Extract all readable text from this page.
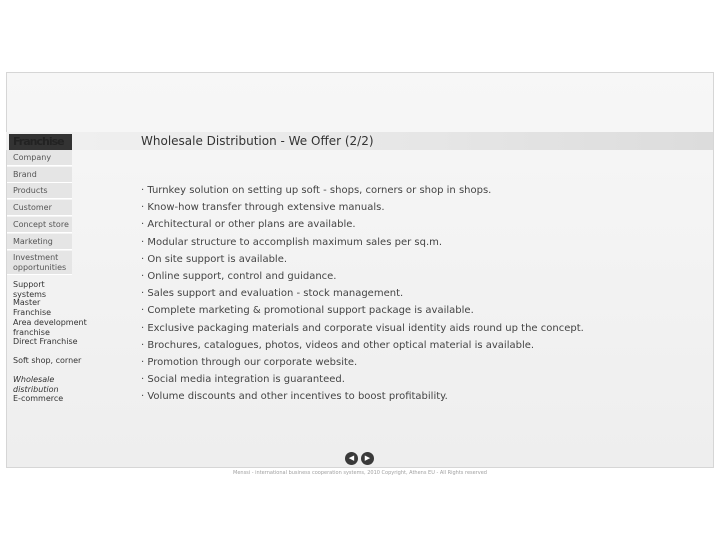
Franchise
Company
Brand
Products
Customer
Concept store
Marketing
Investment opportunities
Support systems
Master Franchise
Area development franchise
Direct Franchise
Soft shop, corner
Wholesale distribution
E-commerce
Wholesale Distribution - We Offer (2/2)
· Turnkey solution on setting up soft - shops, corners or shop in shops.
· Know-how transfer through extensive manuals.
· Architectural or other plans are available.
· Modular structure to accomplish maximum sales per sq.m.
· On site support is available.
· Online support, control and guidance.
· Sales support and evaluation - stock management.
· Complete marketing & promotional support package is available.
· Exclusive packaging materials and corporate visual identity aids round up the concept.
· Brochures, catalogues, photos, videos and other optical material is available.
· Promotion through our corporate website.
· Social media integration is guaranteed.
· Volume discounts and other incentives to boost profitability.
◀	▶
Menssi - international business cooperation systems, 2010 Copyright, Athens EU - All Rights reserved
